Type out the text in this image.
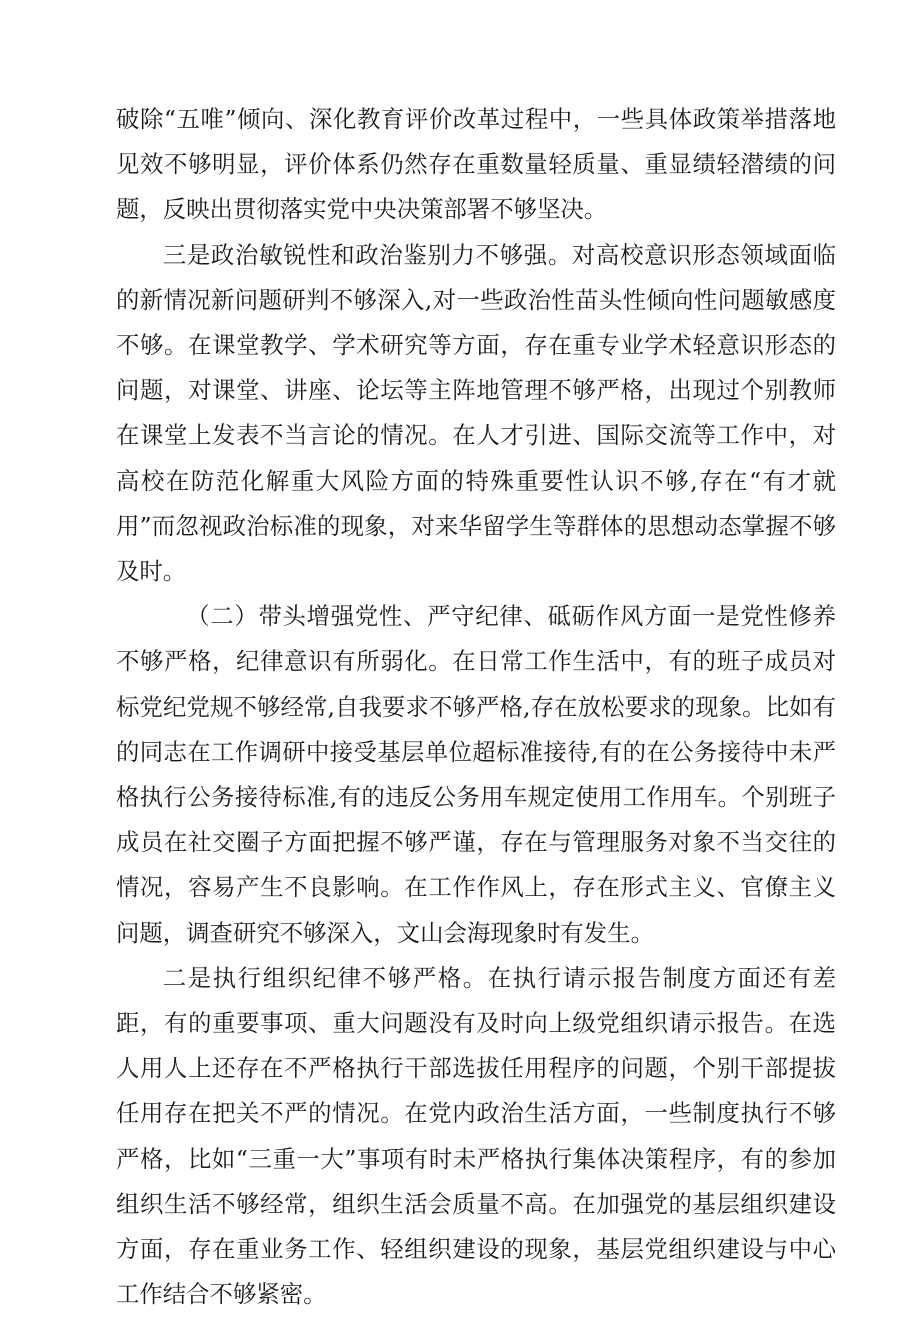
破除“五唯”倾向、深化教育评价改革过程中，一些具体政策举措落地见效不够明显，评价体系仍然存在重数量轻质量、重显绩轻潜绩的问题，反映出贯彻落实党中央决策部署不够坚决。

三是政治敏锐性和政治鉴别力不够强。对高校意识形态领域面临的新情况新问题研判不够深入,对一些政治性苗头性倾向性问题敏感度不够。在课堂教学、学术研究等方面，存在重专业学术轻意识形态的问题，对课堂、讲座、论坛等主阵地管理不够严格，出现过个别教师在课堂上发表不当言论的情况。在人才引进、国际交流等工作中，对高校在防范化解重大风险方面的特殊重要性认识不够,存在“有才就用”而忽视政治标准的现象，对来华留学生等群体的思想动态掌握不够及时。

（二）带头增强党性、严守纪律、砥砺作风方面一是党性修养不够严格，纪律意识有所弱化。在日常工作生活中，有的班子成员对标党纪党规不够经常,自我要求不够严格,存在放松要求的现象。比如有的同志在工作调研中接受基层单位超标准接待,有的在公务接待中未严格执行公务接待标准,有的违反公务用车规定使用工作用车。个别班子成员在社交圈子方面把握不够严谨，存在与管理服务对象不当交往的情况，容易产生不良影响。在工作作风上，存在形式主义、官僚主义问题，调查研究不够深入，文山会海现象时有发生。

二是执行组织纪律不够严格。在执行请示报告制度方面还有差距，有的重要事项、重大问题没有及时向上级党组织请示报告。在选人用人上还存在不严格执行干部选拔任用程序的问题，个别干部提拔任用存在把关不严的情况。在党内政治生活方面，一些制度执行不够严格，比如“三重一大”事项有时未严格执行集体决策程序，有的参加组织生活不够经常，组织生活会质量不高。在加强党的基层组织建设方面，存在重业务工作、轻组织建设的现象，基层党组织建设与中心工作结合不够紧密。
